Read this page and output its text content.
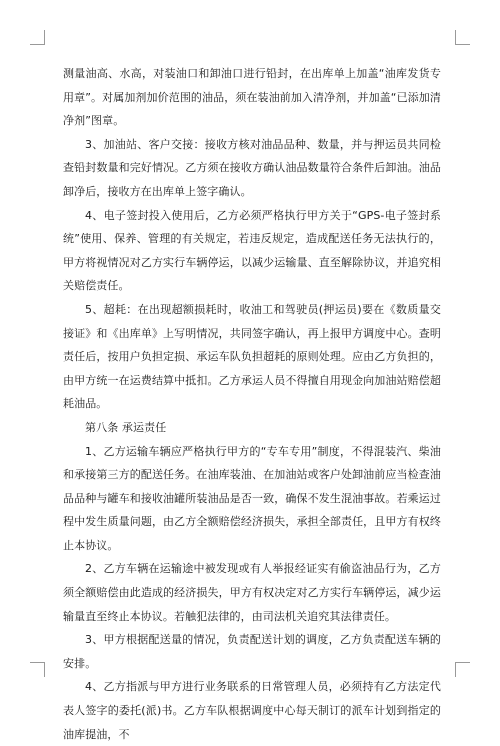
测量油高、水高，对装油口和卸油口进行铅封，在出库单上加盖“油库发货专用章”。对属加剂加价范围的油品，须在装油前加入清净剂，并加盖“已添加清净剂”图章。

3、加油站、客户交接：接收方核对油品品种、数量，并与押运员共同检查铅封数量和完好情况。乙方须在接收方确认油品数量符合条件后卸油。油品卸净后，接收方在出库单上签字确认。

4、电子签封投入使用后，乙方必须严格执行甲方关于“GPS-电子签封系统”使用、保养、管理的有关规定，若违反规定，造成配送任务无法执行的，甲方将视情况对乙方实行车辆停运，以减少运输量、直至解除协议，并追究相关赔偿责任。

5、超耗：在出现超额损耗时，收油工和驾驶员(押运员)要在《数质量交接证》和《出库单》上写明情况，共同签字确认，再上报甲方调度中心。查明责任后，按用户负担定损、承运车队负担超耗的原则处理。应由乙方负担的，由甲方统一在运费结算中抵扣。乙方承运人员不得擅自用现金向加油站赔偿超耗油品。

第八条 承运责任

1、乙方运输车辆应严格执行甲方的“专车专用”制度，不得混装汽、柴油和承接第三方的配送任务。在油库装油、在加油站或客户处卸油前应当检查油品品种与罐车和接收油罐所装油品是否一致，确保不发生混油事故。若乘运过程中发生质量问题，由乙方全额赔偿经济损失，承担全部责任，且甲方有权终止本协议。

2、乙方车辆在运输途中被发现或有人举报经证实有偷盗油品行为，乙方须全额赔偿由此造成的经济损失，甲方有权决定对乙方实行车辆停运，减少运输量直至终止本协议。若触犯法律的，由司法机关追究其法律责任。

3、甲方根据配送量的情况，负责配送计划的调度，乙方负责配送车辆的安排。

4、乙方指派与甲方进行业务联系的日常管理人员，必须持有乙方法定代表人签字的委托(派)书。乙方车队根据调度中心每天制订的派车计划到指定的油库提油，不
